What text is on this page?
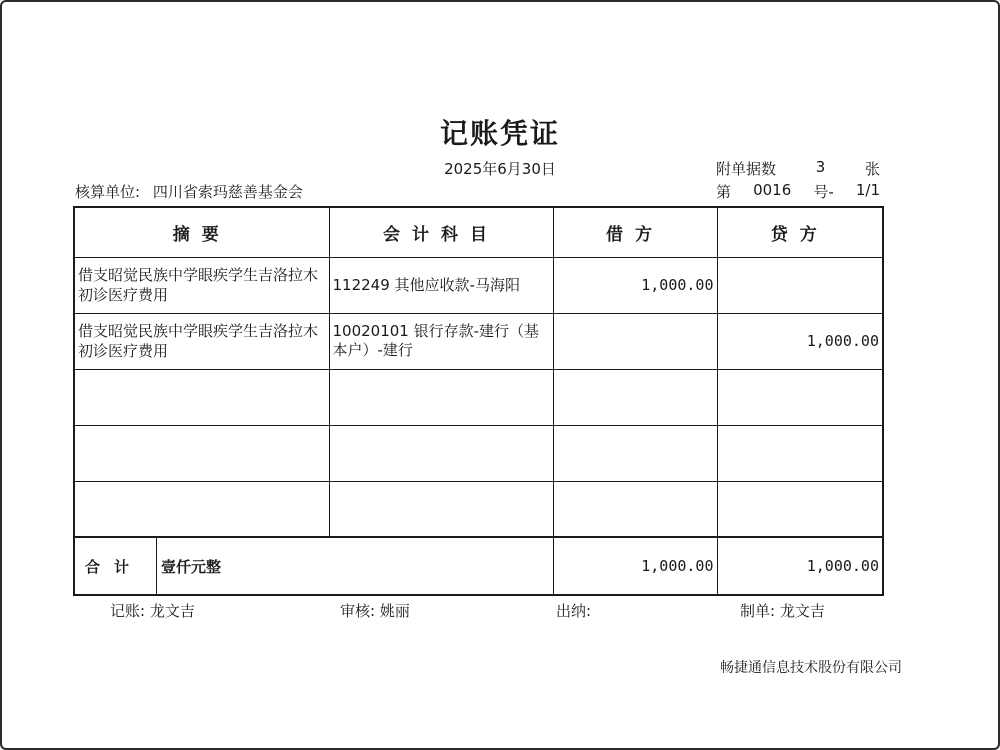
记账凭证
2025年6月30日
核算单位: 四川省索玛慈善基金会
附单据数	3	张
第 0016 号- 1/1
摘要	会计科目	借方	贷方
借支昭觉民族中学眼疾学生吉洛拉木初诊医疗费用	112249 其他应收款-马海阳	1,000.00	
借支昭觉民族中学眼疾学生吉洛拉木初诊医疗费用	10020101 银行存款-建行（基本户）-建行		1,000.00

合计 壹仟元整		1,000.00	1,000.00
记账: 龙文吉	审核: 姚丽	出纳:	制单: 龙文吉
畅捷通信息技术股份有限公司
